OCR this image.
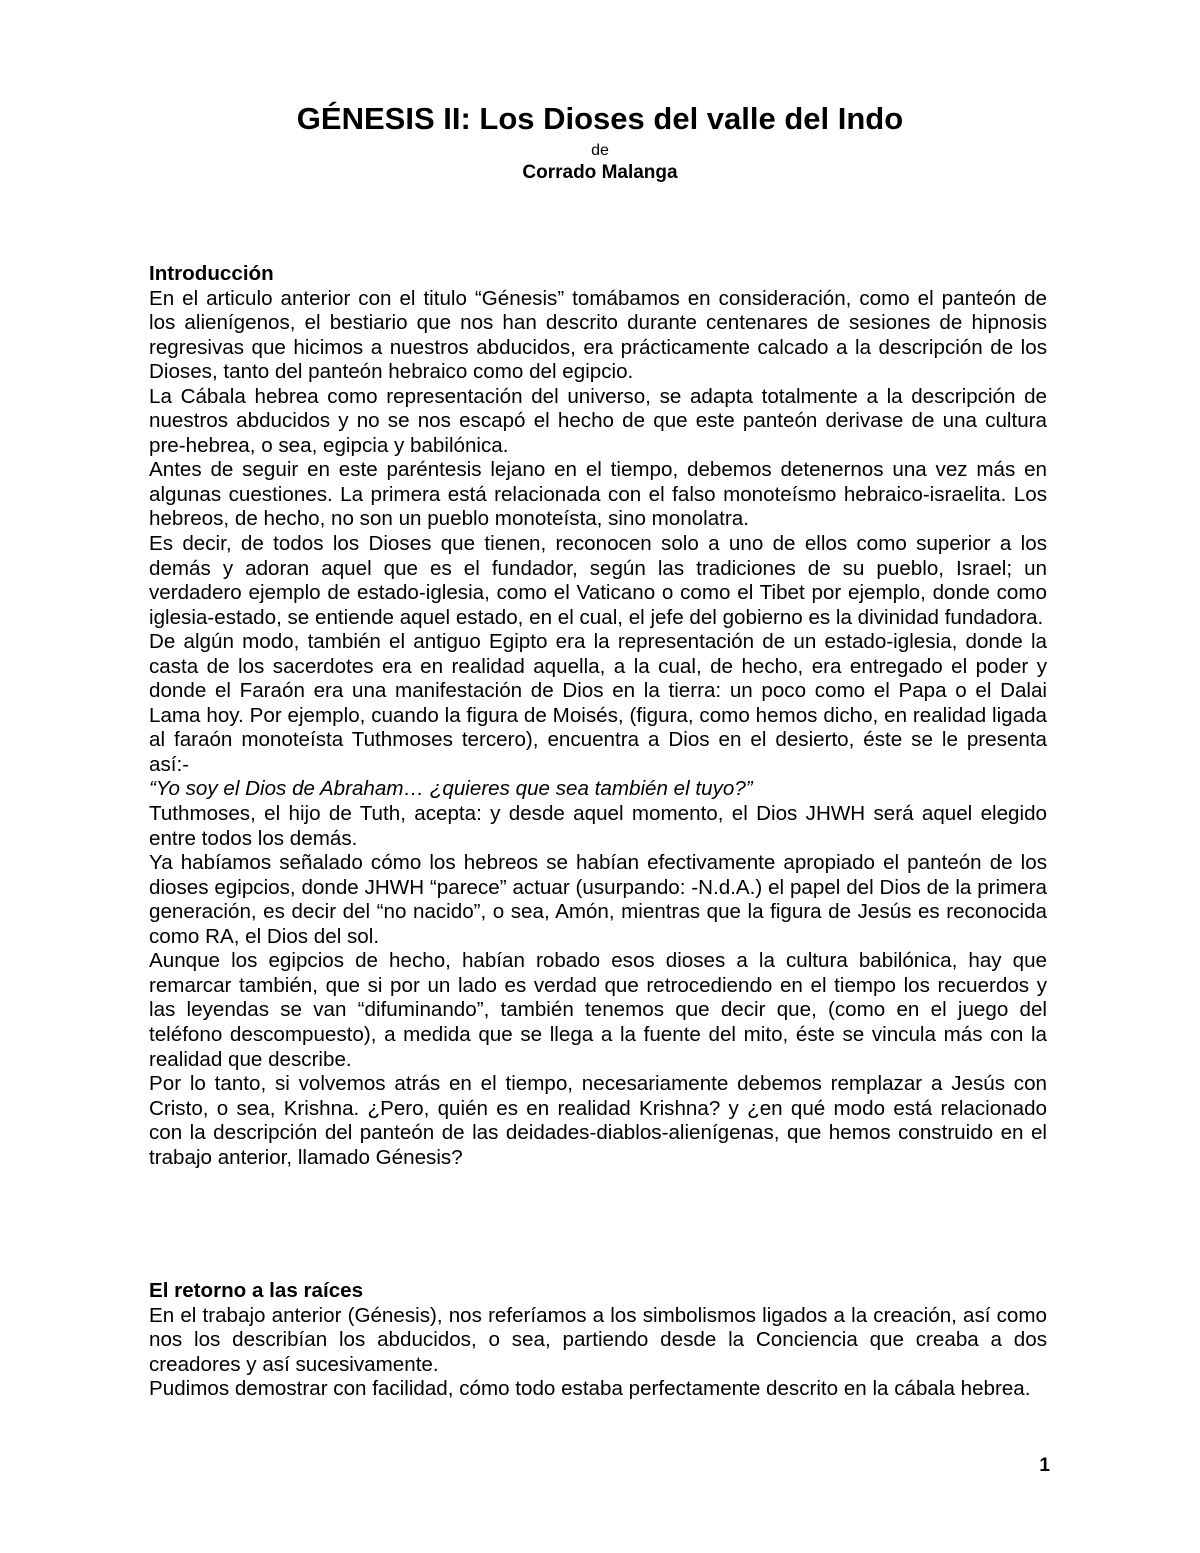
GÉNESIS II: Los Dioses del valle del Indo
de
Corrado Malanga
Introducción

En el articulo anterior con el titulo “Génesis” tomábamos en consideración, como el panteón de los alienígenos, el bestiario que nos han descrito durante centenares de sesiones de hipnosis regresivas que hicimos a nuestros abducidos, era prácticamente calcado a la descripción de los Dioses, tanto del panteón hebraico como del egipcio.

La Cábala hebrea como representación del universo, se adapta totalmente a la descripción de nuestros abducidos y no se nos escapó el hecho de que este panteón derivase de una cultura pre-hebrea, o sea, egipcia y babilónica.

Antes de seguir en este paréntesis lejano en el tiempo, debemos detenernos una vez más en algunas cuestiones. La primera está relacionada con el falso monoteísmo hebraico-israelita. Los hebreos, de hecho, no son un pueblo monoteísta, sino monolatra.

Es decir, de todos los Dioses que tienen, reconocen solo a uno de ellos como superior a los demás y adoran aquel que es el fundador, según las tradiciones de su pueblo, Israel; un verdadero ejemplo de estado-iglesia, como el Vaticano o como el Tibet por ejemplo, donde como iglesia-estado, se entiende aquel estado, en el cual, el jefe del gobierno es la divinidad fundadora.

De algún modo, también el antiguo Egipto era la representación de un estado-iglesia, donde la casta de los sacerdotes era en realidad aquella, a la cual, de hecho, era entregado el poder y donde el Faraón era una manifestación de Dios en la tierra: un poco como el Papa o el Dalai Lama hoy. Por ejemplo, cuando la figura de Moisés, (figura, como hemos dicho, en realidad ligada al faraón monoteísta Tuthmoses tercero), encuentra a Dios en el desierto, éste se le presenta así:-

“Yo soy el Dios de Abraham… ¿quieres que sea también el tuyo?”

Tuthmoses, el hijo de Tuth, acepta: y desde aquel momento, el Dios JHWH será aquel elegido entre todos los demás.

Ya habíamos señalado cómo los hebreos se habían efectivamente apropiado el panteón de los dioses egipcios, donde JHWH “parece” actuar (usurpando: -N.d.A.) el papel del Dios de la primera generación, es decir del “no nacido”, o sea, Amón, mientras que la figura de Jesús es reconocida como RA, el Dios del sol.

Aunque los egipcios de hecho, habían robado esos dioses a la cultura babilónica, hay que remarcar también, que si por un lado es verdad que retrocediendo en el tiempo los recuerdos y las leyendas se van “difuminando”, también tenemos que decir que, (como en el juego del teléfono descompuesto), a medida que se llega a la fuente del mito, éste se vincula más con la realidad que describe.

Por lo tanto, si volvemos atrás en el tiempo, necesariamente debemos remplazar a Jesús con Cristo, o sea, Krishna. ¿Pero, quién es en realidad Krishna? y ¿en qué modo está relacionado con la descripción del panteón de las deidades-diablos-alienígenas, que hemos construido en el trabajo anterior, llamado Génesis?

El retorno a las raíces

En el trabajo anterior (Génesis), nos referíamos a los simbolismos ligados a la creación, así como nos los describían los abducidos, o sea, partiendo desde la Conciencia que creaba a dos creadores y así sucesivamente.

Pudimos demostrar con facilidad, cómo todo estaba perfectamente descrito en la cábala hebrea.

1
